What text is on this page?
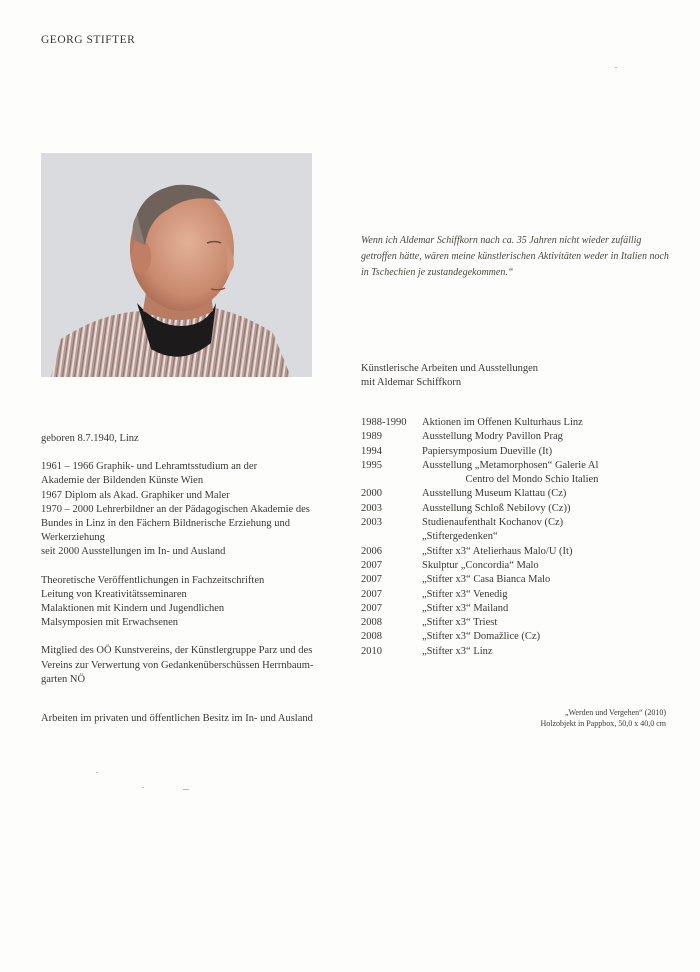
GEORG STIFTER
Wenn ich Aldemar Schiffkorn nach ca. 35 Jahren nicht wieder zufällig getroffen hätte, wären meine künstlerischen Aktivitäten weder in Italien noch in Tschechien je zustandegekommen.“
Künstlerische Arbeiten und Ausstellungen
mit Aldemar Schiffkorn

geboren 8.7.1940, Linz

1961 – 1966 Graphik- und Lehramtsstudium an der
Akademie der Bildenden Künste Wien
1967 Diplom als Akad. Graphiker und Maler
1970 – 2000 Lehrerbildner an der Pädagogischen Akademie des
Bundes in Linz in den Fächern Bildnerische Erziehung und
Werkerziehung
seit 2000 Ausstellungen im In- und Ausland

Theoretische Veröffentlichungen in Fachzeitschriften
Leitung von Kreativitätsseminaren
Malaktionen mit Kindern und Jugendlichen
Malsymposien mit Erwachsenen

Mitglied des OÖ Kunstvereins, der Künstlergruppe Parz und des
Vereins zur Verwertung von Gedankenüberschüssen Herrnbaum-
garten NÖ

Arbeiten im privaten und öffentlichen Besitz im In- und Ausland
1988-1990	Aktionen im Offenen Kulturhaus Linz
1989	Ausstellung Modry Pavillon Prag
1994	Papiersymposium Dueville (It)
1995	Ausstellung „Metamorphosen“ Galerie Al
Centro del Mondo Schio Italien

2000	Ausstellung Museum Klattau (Cz)
2003	Ausstellung Schloß Nebilovy (Cz))
2003	Studienaufenthalt Kochanov (Cz)
	„Stiftergedenken“
2006	„Stifter x3“ Atelierhaus Malo/U (It)
2007	Skulptur „Concordia“ Malo
2007	„Stifter x3“ Casa Bianca Malo
2007	„Stifter x3“ Venedig
2007	„Stifter x3“ Mailand
2008	„Stifter x3“ Triest
2008	„Stifter x3“ Domažlice (Cz)
2010	„Stifter x3“ Linz
„Werden und Vergehen“ (2010)
Holzobjekt in Pappbox, 50,0 x 40,0 cm
